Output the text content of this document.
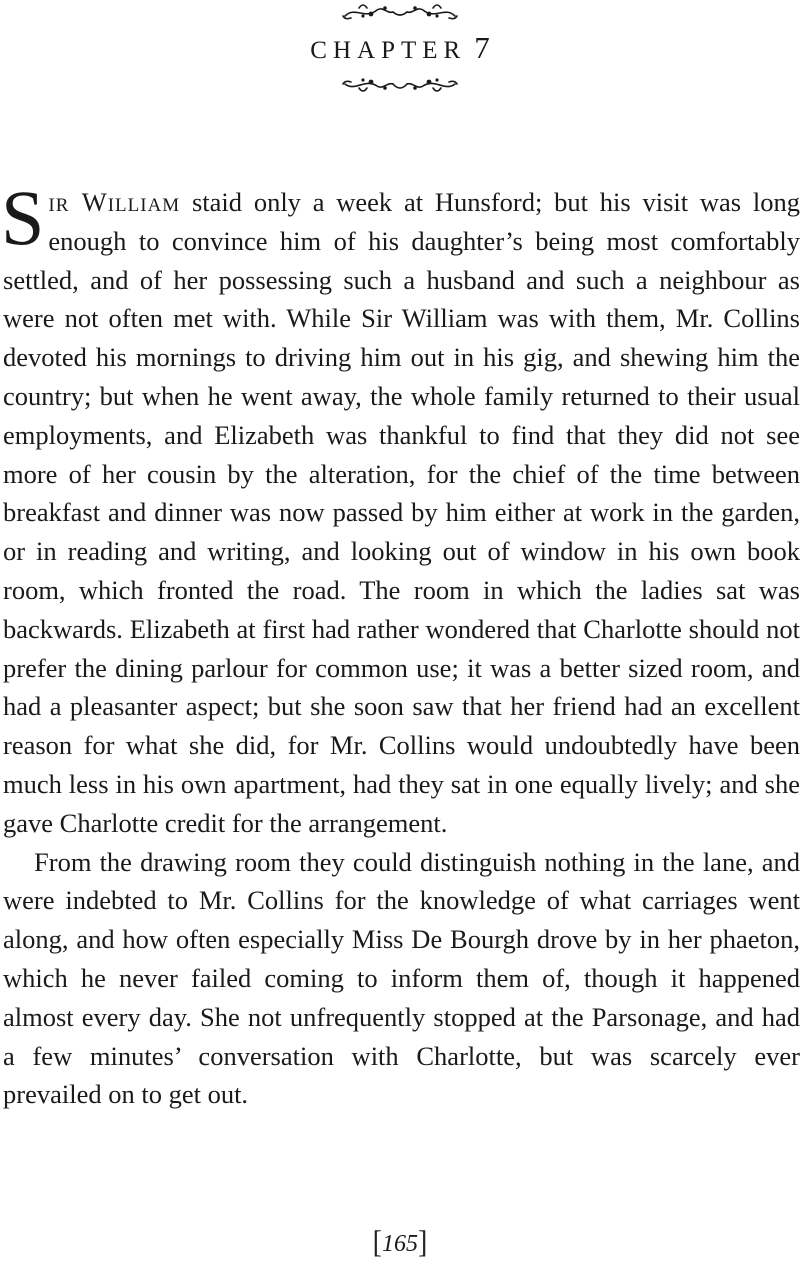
CHAPTER 7

Sir William staid only a week at Hunsford; but his visit was long enough to convince him of his daughter’s being most comfortably settled, and of her possessing such a husband and such a neighbour as were not often met with. While Sir William was with them, Mr. Collins devoted his mornings to driving him out in his gig, and shewing him the country; but when he went away, the whole family returned to their usual employments, and Elizabeth was thankful to find that they did not see more of her cousin by the alteration, for the chief of the time between breakfast and dinner was now passed by him either at work in the garden, or in reading and writing, and looking out of window in his own book room, which fronted the road. The room in which the ladies sat was backwards. Elizabeth at first had rather wondered that Charlotte should not prefer the dining parlour for common use; it was a better sized room, and had a pleasanter aspect; but she soon saw that her friend had an excellent reason for what she did, for Mr. Collins would undoubtedly have been much less in his own apartment, had they sat in one equally lively; and she gave Charlotte credit for the arrangement.

From the drawing room they could distinguish nothing in the lane, and were indebted to Mr. Collins for the knowledge of what carriages went along, and how often especially Miss De Bourgh drove by in her phaeton, which he never failed coming to inform them of, though it happened almost every day. She not unfrequently stopped at the Parsonage, and had a few minutes’ conversation with Charlotte, but was scarcely ever prevailed on to get out.

[165]
